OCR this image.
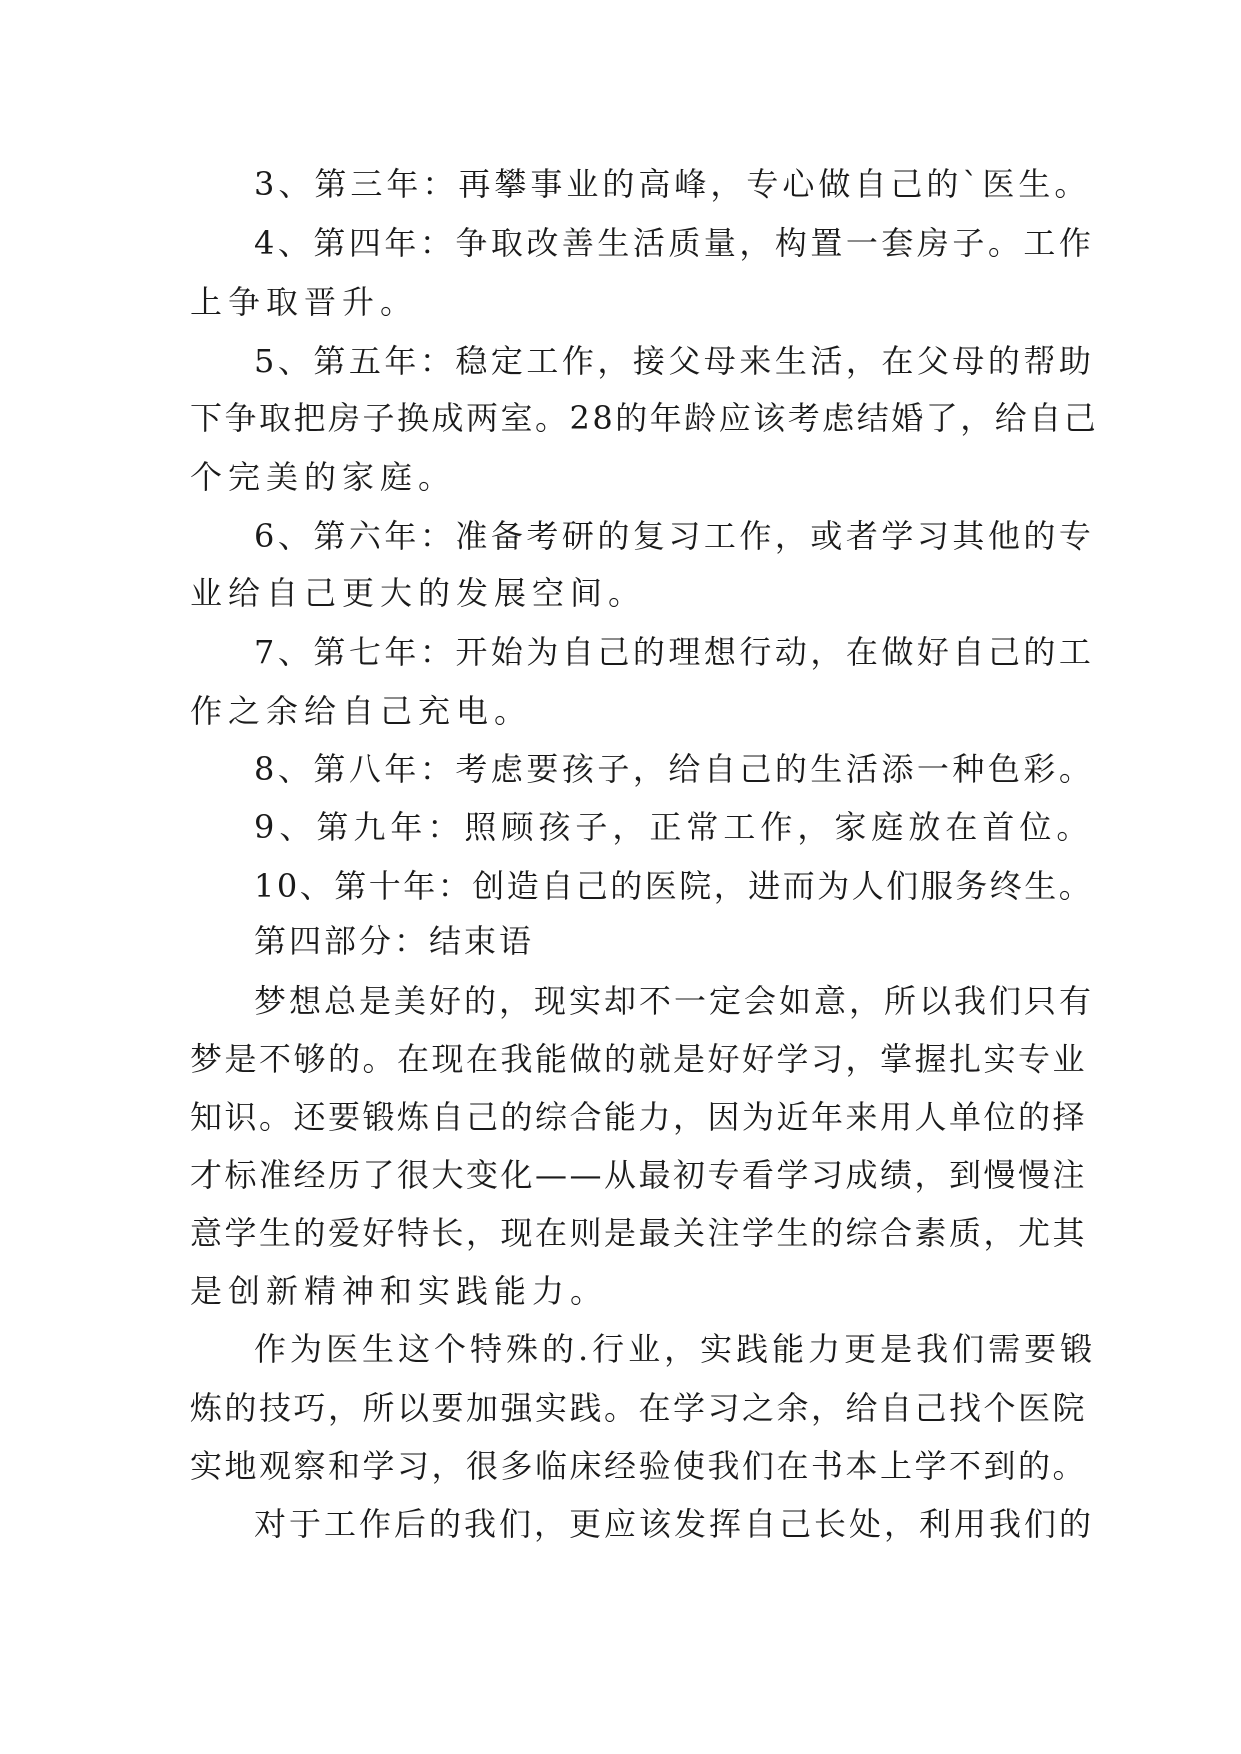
3、第三年：再攀事业的高峰，专心做自己的`医生。
4、第四年：争取改善生活质量，构置一套房子。工作
上争取晋升。
5、第五年：稳定工作，接父母来生活，在父母的帮助
下争取把房子换成两室。28的年龄应该考虑结婚了，给自己
个完美的家庭。
6、第六年：准备考研的复习工作，或者学习其他的专
业给自己更大的发展空间。
7、第七年：开始为自己的理想行动，在做好自己的工
作之余给自己充电。
8、第八年：考虑要孩子，给自己的生活添一种色彩。
9、第九年：照顾孩子，正常工作，家庭放在首位。
10、第十年：创造自己的医院，进而为人们服务终生。
第四部分：结束语
梦想总是美好的，现实却不一定会如意，所以我们只有
梦是不够的。在现在我能做的就是好好学习，掌握扎实专业
知识。还要锻炼自己的综合能力，因为近年来用人单位的择
才标准经历了很大变化——从最初专看学习成绩，到慢慢注
意学生的爱好特长，现在则是最关注学生的综合素质，尤其
是创新精神和实践能力。
作为医生这个特殊的.行业，实践能力更是我们需要锻
炼的技巧，所以要加强实践。在学习之余，给自己找个医院
实地观察和学习，很多临床经验使我们在书本上学不到的。
对于工作后的我们，更应该发挥自己长处，利用我们的
